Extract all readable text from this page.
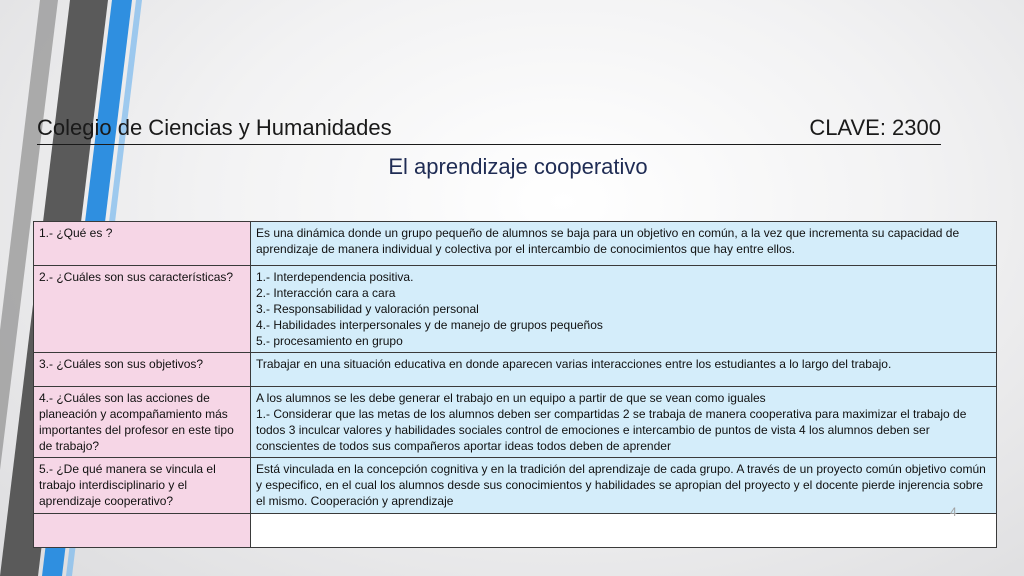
Colegio de Ciencias y Humanidades	CLAVE: 2300
El aprendizaje cooperativo
1.- ¿Qué es ?	Es una dinámica donde un grupo pequeño de alumnos se baja para un objetivo en común, a la vez que incrementa su capacidad de aprendizaje de manera individual y colectiva por el intercambio de conocimientos que hay entre ellos.

2.- ¿Cuáles son sus características?	1.- Interdependencia positiva.
2.- Interacción cara a cara
3.- Responsabilidad y valoración personal
4.- Habilidades interpersonales y de manejo de grupos pequeños
5.- procesamiento en grupo

3.- ¿Cuáles son sus objetivos?	Trabajar en una situación educativa en donde aparecen varias interacciones entre los estudiantes a lo largo del trabajo.

4.- ¿Cuáles son las acciones de planeación y acompañamiento más importantes del profesor en este tipo de trabajo?	A los alumnos se les debe generar el trabajo en un equipo a partir de que se vean como iguales
1.- Considerar que las metas de los alumnos deben ser compartidas 2 se trabaja de manera cooperativa para maximizar el trabajo de todos 3 inculcar valores y habilidades sociales control de emociones e intercambio de puntos de vista 4 los alumnos deben ser conscientes de todos sus compañeros aportar ideas todos deben de aprender

5.- ¿De qué manera se vincula el trabajo interdisciplinario y el aprendizaje cooperativo?	Está vinculada en la concepción cognitiva y en la tradición del aprendizaje de cada grupo. A través de un proyecto común objetivo común y especifico, en el cual los alumnos desde sus conocimientos y habilidades se apropian del proyecto y el docente pierde injerencia sobre el mismo. Cooperación y aprendizaje

4
